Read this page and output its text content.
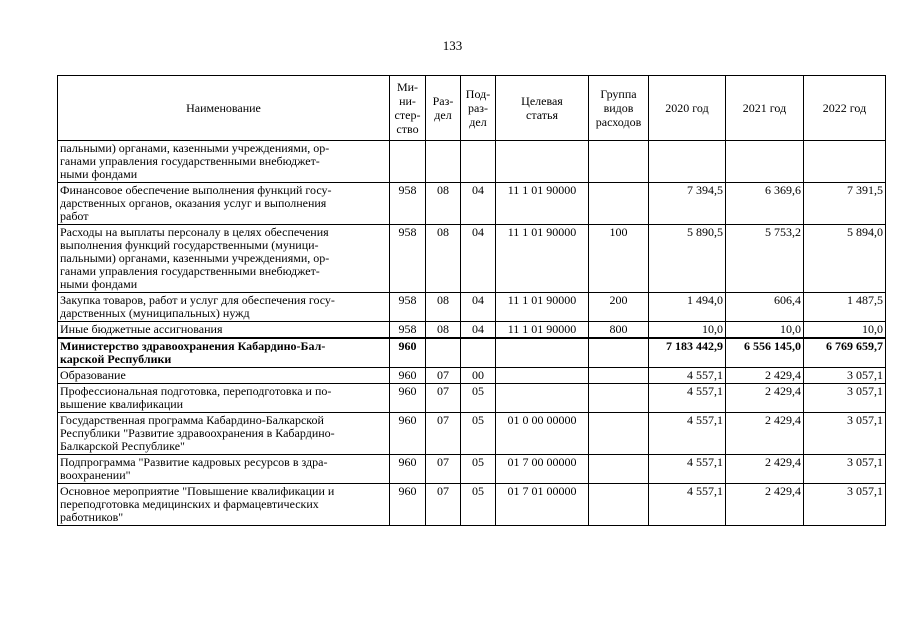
133
Наименование	Ми-
ни-
стер-
ство	Раз-
дел	Под-
раз-
дел	Целевая
статья	Группа
видов
расходов	2020 год	2021 год	2022 год
пальными) органами, казенными учреждениями, ор-
ганами управления государственными внебюджет-
ными фондами								
Финансовое обеспечение выполнения функций госу-
дарственных органов, оказания услуг и выполнения
работ	958	08	04	11 1 01 90000		7 394,5	6 369,6	7 391,5
Расходы на выплаты персоналу в целях обеспечения
выполнения функций государственными (муници-
пальными) органами, казенными учреждениями, ор-
ганами управления государственными внебюджет-
ными фондами	958	08	04	11 1 01 90000	100	5 890,5	5 753,2	5 894,0
Закупка товаров, работ и услуг для обеспечения госу-
дарственных (муниципальных) нужд	958	08	04	11 1 01 90000	200	1 494,0	606,4	1 487,5
Иные бюджетные ассигнования	958	08	04	11 1 01 90000	800	10,0	10,0	10,0
Министерство здравоохранения Кабардино-Бал-
карской Республики	960					7 183 442,9	6 556 145,0	6 769 659,7
Образование	960	07	00			4 557,1	2 429,4	3 057,1
Профессиональная подготовка, переподготовка и по-
вышение квалификации	960	07	05			4 557,1	2 429,4	3 057,1
Государственная программа Кабардино-Балкарской
Республики "Развитие здравоохранения в Кабардино-
Балкарской Республике"	960	07	05	01 0 00 00000		4 557,1	2 429,4	3 057,1
Подпрограмма "Развитие кадровых ресурсов в здра-
воохранении"	960	07	05	01 7 00 00000		4 557,1	2 429,4	3 057,1
Основное мероприятие "Повышение квалификации и
переподготовка медицинских и фармацевтических
работников"	960	07	05	01 7 01 00000		4 557,1	2 429,4	3 057,1
